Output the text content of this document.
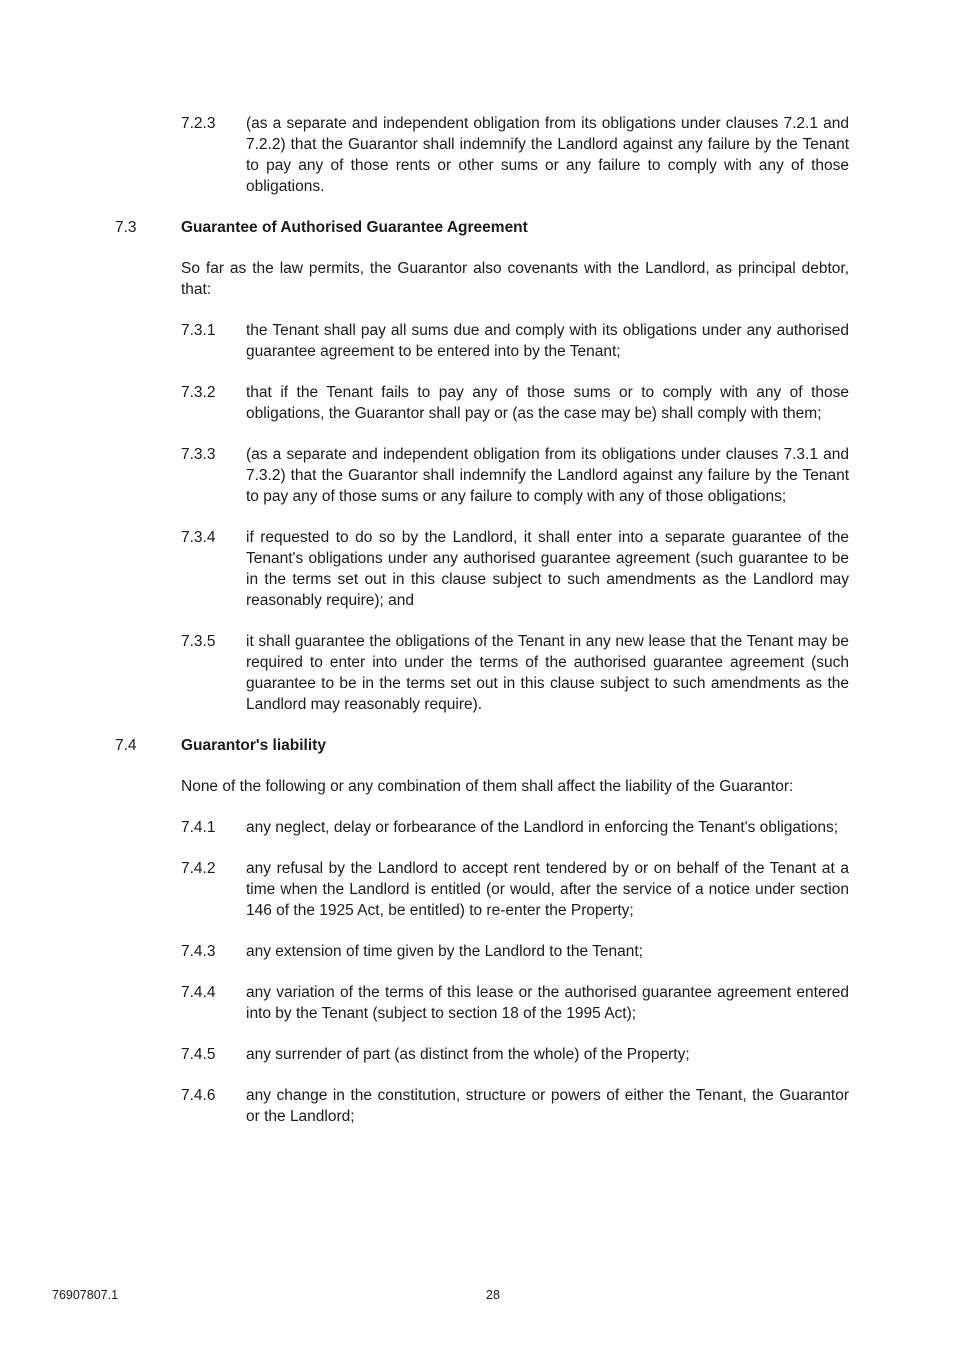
7.2.3	(as a separate and independent obligation from its obligations under clauses 7.2.1 and 7.2.2) that the Guarantor shall indemnify the Landlord against any failure by the Tenant to pay any of those rents or other sums or any failure to comply with any of those obligations.
7.3	Guarantee of Authorised Guarantee Agreement
So far as the law permits, the Guarantor also covenants with the Landlord, as principal debtor, that:
7.3.1	the Tenant shall pay all sums due and comply with its obligations under any authorised guarantee agreement to be entered into by the Tenant;
7.3.2	that if the Tenant fails to pay any of those sums or to comply with any of those obligations, the Guarantor shall pay or (as the case may be) shall comply with them;
7.3.3	(as a separate and independent obligation from its obligations under clauses 7.3.1 and 7.3.2) that the Guarantor shall indemnify the Landlord against any failure by the Tenant to pay any of those sums or any failure to comply with any of those obligations;
7.3.4	if requested to do so by the Landlord, it shall enter into a separate guarantee of the Tenant's obligations under any authorised guarantee agreement (such guarantee to be in the terms set out in this clause subject to such amendments as the Landlord may reasonably require); and
7.3.5	it shall guarantee the obligations of the Tenant in any new lease that the Tenant may be required to enter into under the terms of the authorised guarantee agreement (such guarantee to be in the terms set out in this clause subject to such amendments as the Landlord may reasonably require).
7.4	Guarantor's liability
None of the following or any combination of them shall affect the liability of the Guarantor:
7.4.1	any neglect, delay or forbearance of the Landlord in enforcing the Tenant's obligations;
7.4.2	any refusal by the Landlord to accept rent tendered by or on behalf of the Tenant at a time when the Landlord is entitled (or would, after the service of a notice under section 146 of the 1925 Act, be entitled) to re-enter the Property;
7.4.3	any extension of time given by the Landlord to the Tenant;
7.4.4	any variation of the terms of this lease or the authorised guarantee agreement entered into by the Tenant (subject to section 18 of the 1995 Act);
7.4.5	any surrender of part (as distinct from the whole) of the Property;
7.4.6	any change in the constitution, structure or powers of either the Tenant, the Guarantor or the Landlord;
76907807.1	28
